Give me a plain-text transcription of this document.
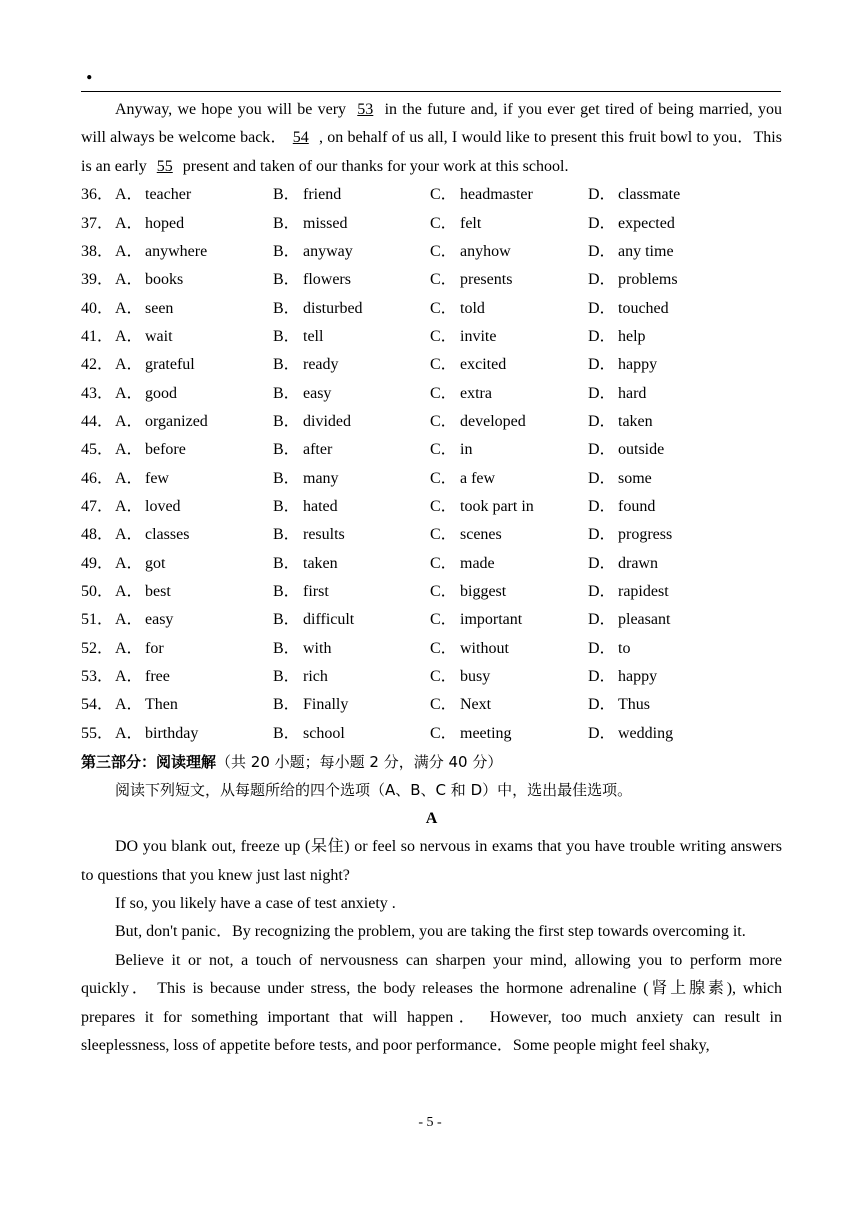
.

Anyway, we hope you will be very 53 in the future and, if you ever get tired of being married, you will always be welcome back． 54 , on behalf of us all, I would like to present this fruit bowl to you．This is an early 55 present and taken of our thanks for your work at this school.

36． A． teacher	B． friend	C． headmaster	D． classmate
37． A． hoped	B． missed	C． felt	D． expected
38． A． anywhere	B． anyway	C． anyhow	D． any time
39． A． books	B． flowers	C． presents	D． problems
40． A． seen	B． disturbed	C． told	D． touched
41． A． wait	B． tell	C． invite	D． help
42． A． grateful	B． ready	C． excited	D． happy
43． A． good	B． easy	C． extra	D． hard
44． A． organized	B． divided	C． developed	D． taken
45． A． before	B． after	C． in	D． outside
46． A． few	B． many	C． a few	D． some
47． A． loved	B． hated	C． took part in	D． found
48． A． classes	B． results	C． scenes	D． progress
49． A． got	B． taken	C． made	D． drawn
50． A． best	B． first	C． biggest	D． rapidest
51． A． easy	B． difficult	C． important	D． pleasant
52． A． for	B． with	C． without	D． to
53． A． free	B． rich	C． busy	D． happy
54． A． Then	B． Finally	C． Next	D． Thus
55． A． birthday	B． school	C． meeting	D． wedding

第三部分：阅读理解（共 20 小题；每小题 2 分，满分 40 分）

阅读下列短文，从每题所给的四个选项（A、B、C 和 D）中，选出最佳选项。

A

DO you blank out, freeze up (呆住) or feel so nervous in exams that you have trouble writing answers to questions that you knew just last night?

If so, you likely have a case of test anxiety .

But, don't panic．By recognizing the problem, you are taking the first step towards overcoming it.

Believe it or not, a touch of nervousness can sharpen your mind, allowing you to perform more quickly． This is because under stress, the body releases the hormone adrenaline (肾上腺素), which prepares it for something important that will happen． However, too much anxiety can result in sleeplessness, loss of appetite before tests, and poor performance．Some people might feel shaky,

- 5 -
